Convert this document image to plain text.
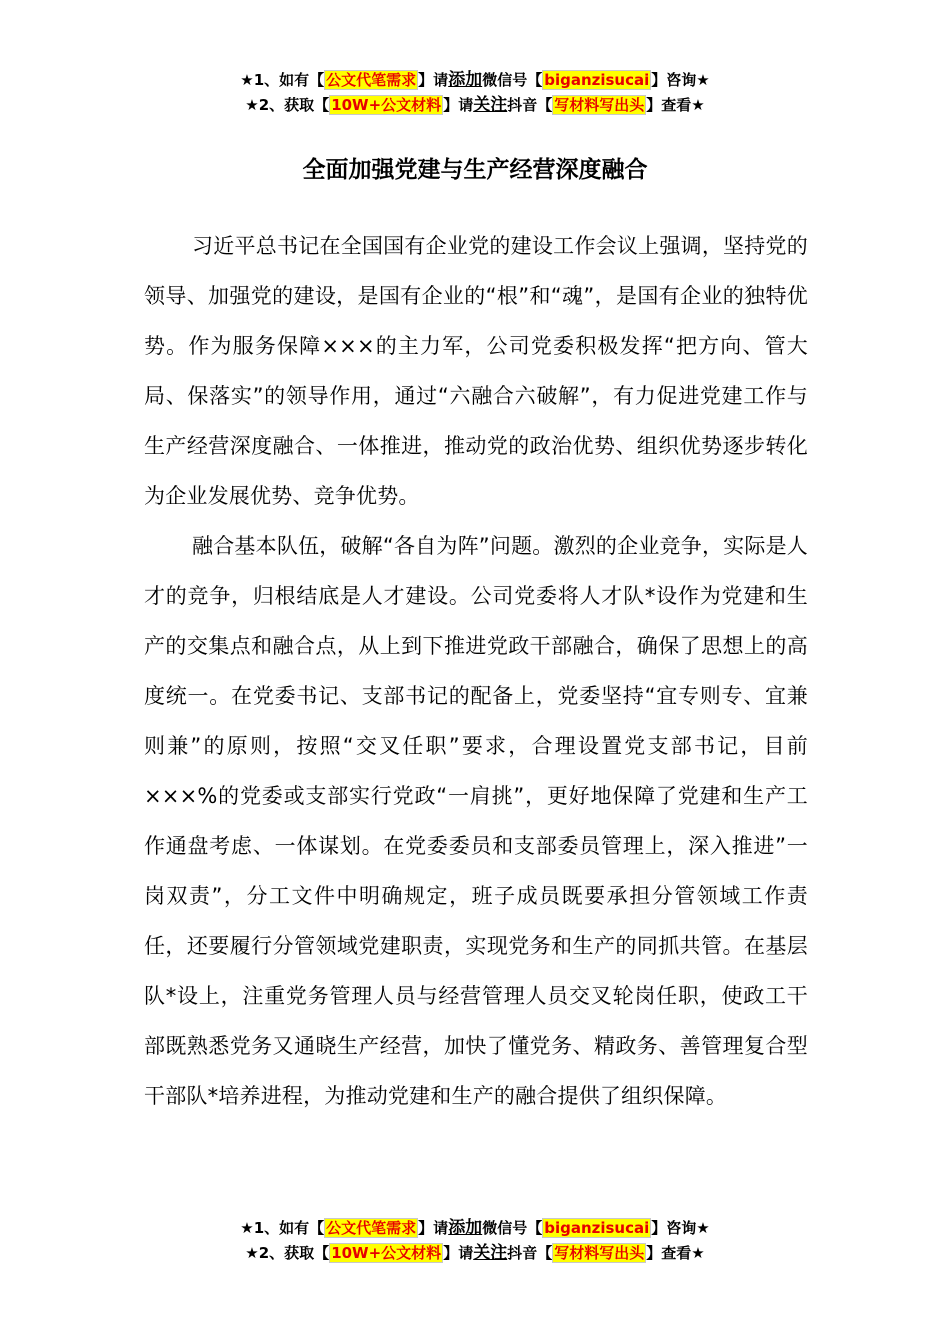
★1、如有【 公文代笔需求 】请添加微信号【 biganzisucai 】咨询★
★2、获取【 10W+公文材料 】请关注抖音【 写材料写出头 】查看★
全面加强党建与生产经营深度融合

习近平总书记在全国国有企业党的建设工作会议上强调，坚持党的领导、加强党的建设，是国有企业的“根”和“魂”，是国有企业的独特优势。作为服务保障×××的主力军，公司党委积极发挥“把方向、管大局、保落实”的领导作用，通过“六融合六破解”，有力促进党建工作与生产经营深度融合、一体推进，推动党的政治优势、组织优势逐步转化为企业发展优势、竞争优势。

融合基本队伍，破解“各自为阵”问题。激烈的企业竞争，实际是人才的竞争，归根结底是人才建设。公司党委将人才队*设作为党建和生产的交集点和融合点，从上到下推进党政干部融合，确保了思想上的高度统一。在党委书记、支部书记的配备上，党委坚持“宜专则专、宜兼则兼”的原则，按照“交叉任职”要求，合理设置党支部书记，目前×××%的党委或支部实行党政“一肩挑”，更好地保障了党建和生产工作通盘考虑、一体谋划。在党委委员和支部委员管理上，深入推进”一岗双责”，分工文件中明确规定，班子成员既要承担分管领域工作责任，还要履行分管领域党建职责，实现党务和生产的同抓共管。在基层队*设上，注重党务管理人员与经营管理人员交叉轮岗任职，使政工干部既熟悉党务又通晓生产经营，加快了懂党务、精政务、善管理复合型干部队*培养进程，为推动党建和生产的融合提供了组织保障。

★1、如有【 公文代笔需求 】请添加微信号【 biganzisucai 】咨询★
★2、获取【 10W+公文材料 】请关注抖音【 写材料写出头 】查看★
